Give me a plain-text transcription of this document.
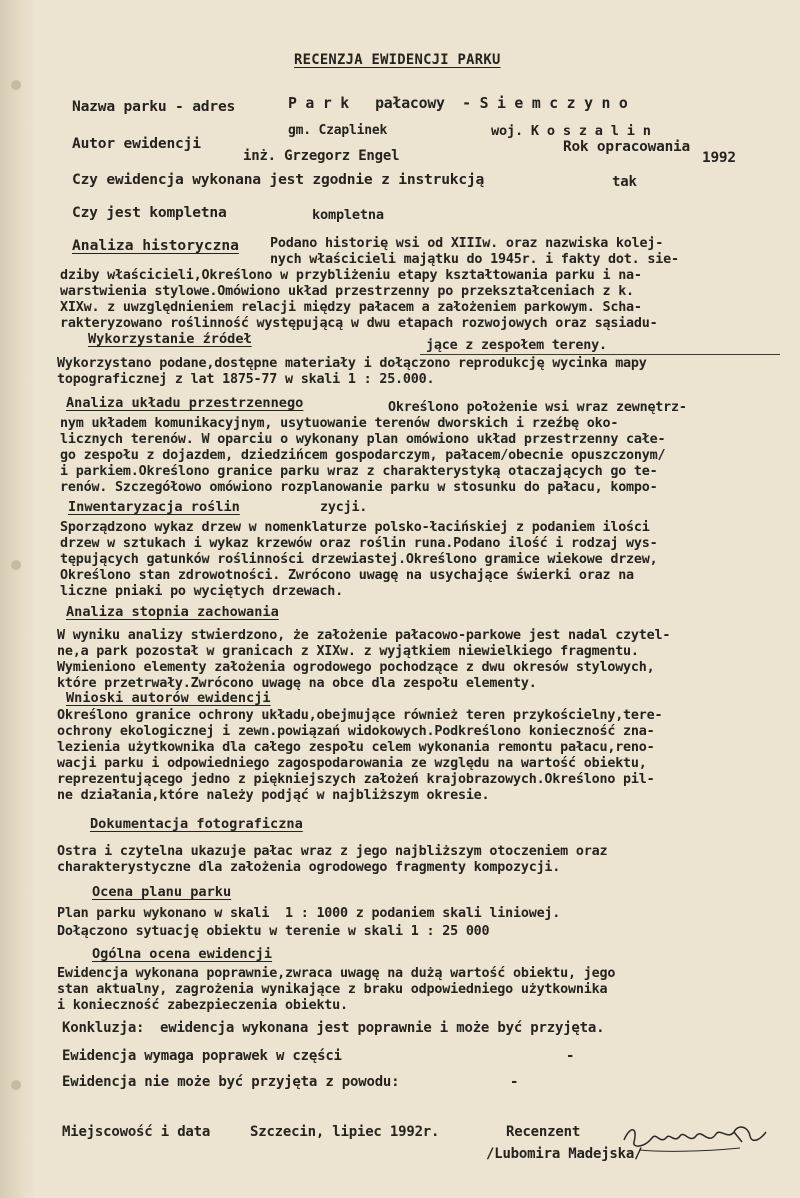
RECENZJA EWIDENCJI PARKU
Nazwa parku - adres	P a r k   pałacowy  - S i e m c z y n o
gm. Czaplinek	woj. K o s z a l i n
Autor ewidencji
inż. Grzegorz Engel
Rok opracowania
1992
Czy ewidencja wykonana jest zgodnie z instrukcją	tak
Czy jest kompletna	kompletna
Analiza historyczna Podano historię wsi od XIIIw. oraz nazwiska kolej-
nych właścicieli majątku do 1945r. i fakty dot. sie-
dziby właścicieli,Określono w przybliżeniu etapy kształtowania parku i na-
warstwienia stylowe.Omówiono układ przestrzenny po przekształceniach z k.
XIXw. z uwzględnieniem relacji między pałacem a założeniem parkowym. Scha-
rakteryzowano roślinność występującą w dwu etapach rozwojowych oraz sąsiadu-
jące z zespołem tereny.
Wykorzystanie źródeł
Wykorzystano podane,dostępne materiały i dołączono reprodukcję wycinka mapy
topograficznej z lat 1875-77 w skali 1 : 25.000.
Analiza układu przestrzennego	Określono położenie wsi wraz zewnętrz-
nym układem komunikacyjnym, usytuowanie terenów dworskich i rzeźbę oko-
licznych terenów. W oparciu o wykonany plan omówiono układ przestrzenny całe-
go zespołu z dojazdem, dziedzińcem gospodarczym, pałacem/obecnie opuszczonym/
i parkiem.Określono granice parku wraz z charakterystyką otaczających go te-
renów. Szczegółowo omówiono rozplanowanie parku w stosunku do pałacu, kompo-
zycji.
Inwentaryzacja roślin
Sporządzono wykaz drzew w nomenklaturze polsko-łacińskiej z podaniem ilości
drzew w sztukach i wykaz krzewów oraz roślin runa.Podano ilość i rodzaj wys-
tępujących gatunków roślinności drzewiastej.Określono gramice wiekowe drzew,
Określono stan zdrowotności. Zwrócono uwagę na usychające świerki oraz na
liczne pniaki po wyciętych drzewach.
Analiza stopnia zachowania
W wyniku analizy stwierdzono, że założenie pałacowo-parkowe jest nadal czytel-
ne,a park pozostał w granicach z XIXw. z wyjątkiem niewielkiego fragmentu.
Wymieniono elementy założenia ogrodowego pochodzące z dwu okresów stylowych,
które przetrwały.Zwrócono uwagę na obce dla zespołu elementy.
Wnioski autorów ewidencji
Określono granice ochrony układu,obejmujące również teren przykościelny,tere-
ochrony ekologicznej i zewn.powiązań widokowych.Podkreślono konieczność zna-
lezienia użytkownika dla całego zespołu celem wykonania remontu pałacu,reno-
wacji parku i odpowiedniego zagospodarowania ze względu na wartość obiektu,
reprezentującego jedno z piękniejszych założeń krajobrazowych.Określono pil-
ne działania,które należy podjąć w najbliższym okresie.
Dokumentacja fotograficzna
Ostra i czytelna ukazuje pałac wraz z jego najbliższym otoczeniem oraz
charakterystyczne dla założenia ogrodowego fragmenty kompozycji.
Ocena planu parku
Plan parku wykonano w skali  1 : 1000 z podaniem skali liniowej.
Dołączono sytuację obiektu w terenie w skali 1 : 25 000
Ogólna ocena ewidencji
Ewidencja wykonana poprawnie,zwraca uwagę na dużą wartość obiektu, jego
stan aktualny, zagrożenia wynikające z braku odpowiedniego użytkownika
i konieczność zabezpieczenia obiektu.
Konkluzja: ewidencja wykonana jest poprawnie i może być przyjęta.
Ewidencja wymaga poprawek w części	-
Ewidencja nie może być przyjęta z powodu:	-
Miejscowość i data	Szczecin, lipiec 1992r.	Recenzent
/Lubomira Madejska/
